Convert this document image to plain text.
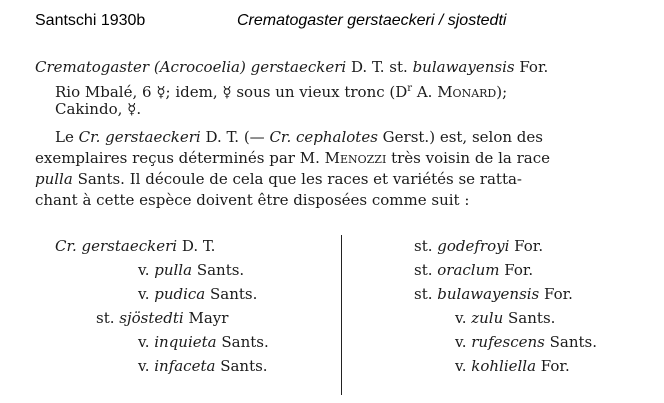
Santschi 1930b	Crematogaster gerstaeckeri / sjostedti
Crematogaster (Acrocoelia) gerstaeckeri D. T. st. bulawayensis For.
Rio Mbalé, 6 ☿; idem, ☿ sous un vieux tronc ($D^r$ A. Monard);
Cakindo, ☿.
Le Cr. gerstaeckeri D. T. (— Cr. cephalotes Gerst.) est, selon des
exemplaires reçus déterminés par M. Menozzi très voisin de la race
pulla Sants. Il découle de cela que les races et variétés se ratta-
chant à cette espèce doivent être disposées comme suit :
Cr. gerstaeckeri D. T.
v. pulla Sants.
v. pudica Sants.
st. sjöstedti Mayr
v. inquieta Sants.
v. infaceta Sants.
st. godefroyi For.
st. oraclum For.
st. bulawayensis For.
v. zulu Sants.
v. rufescens Sants.
v. kohliella For.
